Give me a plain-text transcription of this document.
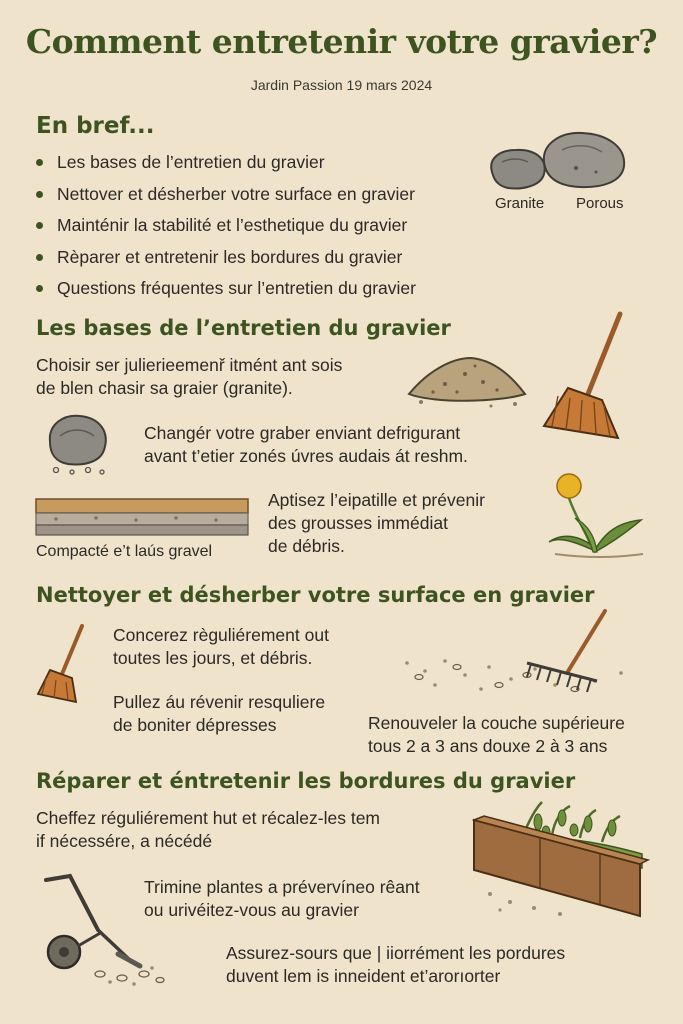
Comment entretenir votre gravier?
Jardin Passion 19 mars 2024
En bref...
Les bases de l’entretien du gravier
Nettover et désherber votre surface en gravier
Mainténir la stabilité et l’esthetique du gravier
Rèparer et entretenir les bordures du gravier
Questions fréquentes sur l’entretien du gravier
Granite Porous
Les bases de l’entretien du gravier
Choisir ser julierieemenř itmént ant sois
de blen chasir sa graier (granite).
Changér votre graber enviant defrigurant
avant t’etier zonés úvres audais át reshm.
Compacté e’t laús gravel
Aptisez l’eipatille et prévenir
des grousses immédiat
de débris.
Nettoyer et désherber votre surface en gravier
Concerez règuliérement out
toutes les jours, et débris.
Pullez áu révenir resquliere
de boniter dépresses	Renouveler la couche supérieure
tous 2 a 3 ans douxe 2 à 3 ans
Réparer et éntretenir les bordures du gravier
Cheffez réguliérement hut et récalez-les tem
if nécessére, a nécédé
Trimine plantes a prévervíneo rêant
ou urivéitez-vous au gravier
Assurez-sours que | iiorrément les pordures
duvent lem is inneident et’arorıorter
